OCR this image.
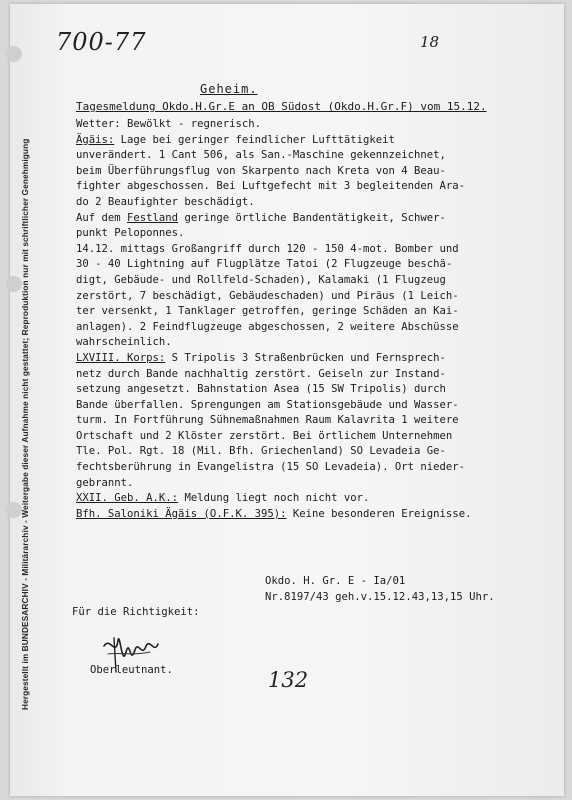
Hergestellt im BUNDESARCHIV - Militärarchiv - Weitergabe dieser Aufnahme nicht gestattet; Reproduktion nur mit schriftlicher Genehmigung
700-77	18
Geheim.
Tagesmeldung Okdo.H.Gr.E an OB Südost (Okdo.H.Gr.F) vom 15.12.
Wetter: Bewölkt - regnerisch.
Ägäis: Lage bei geringer feindlicher Lufttätigkeit
unverändert. 1 Cant 506, als San.-Maschine gekennzeichnet,
beim Überführungsflug von Skarpento nach Kreta von 4 Beau-
fighter abgeschossen. Bei Luftgefecht mit 3 begleitenden Ara-
do 2 Beaufighter beschädigt.
Auf dem Festland geringe örtliche Bandentätigkeit, Schwer-
punkt Peloponnes.
14.12. mittags Großangriff durch 120 - 150 4-mot. Bomber und
30 - 40 Lightning auf Flugplätze Tatoi (2 Flugzeuge beschä-
digt, Gebäude- und Rollfeld-Schaden), Kalamaki (1 Flugzeug
zerstört, 7 beschädigt, Gebäudeschaden) und Piräus (1 Leich-
ter versenkt, 1 Tanklager getroffen, geringe Schäden an Kai-
anlagen). 2 Feindflugzeuge abgeschossen, 2 weitere Abschüsse
wahrscheinlich.
LXVIII. Korps: S Tripolis 3 Straßenbrücken und Fernsprech-
netz durch Bande nachhaltig zerstört. Geiseln zur Instand-
setzung angesetzt. Bahnstation Asea (15 SW Tripolis) durch
Bande überfallen. Sprengungen am Stationsgebäude und Wasser-
turm. In Fortführung Sühnemaßnahmen Raum Kalavrita 1 weitere
Ortschaft und 2 Klöster zerstört. Bei örtlichem Unternehmen
Tle. Pol. Rgt. 18 (Mil. Bfh. Griechenland) SO Levadeia Ge-
fechtsberührung in Evangelistra (15 SO Levadeia). Ort nieder-
gebrannt.
XXII. Geb. A.K.: Meldung liegt noch nicht vor.
Bfh. Saloniki Ägäis (O.F.K. 395): Keine besonderen Ereignisse.
Okdo. H. Gr. E - Ia/01
Nr.8197/43 geh.v.15.12.43,13,15 Uhr.
Für die Richtigkeit:
Oberleutnant.	132
